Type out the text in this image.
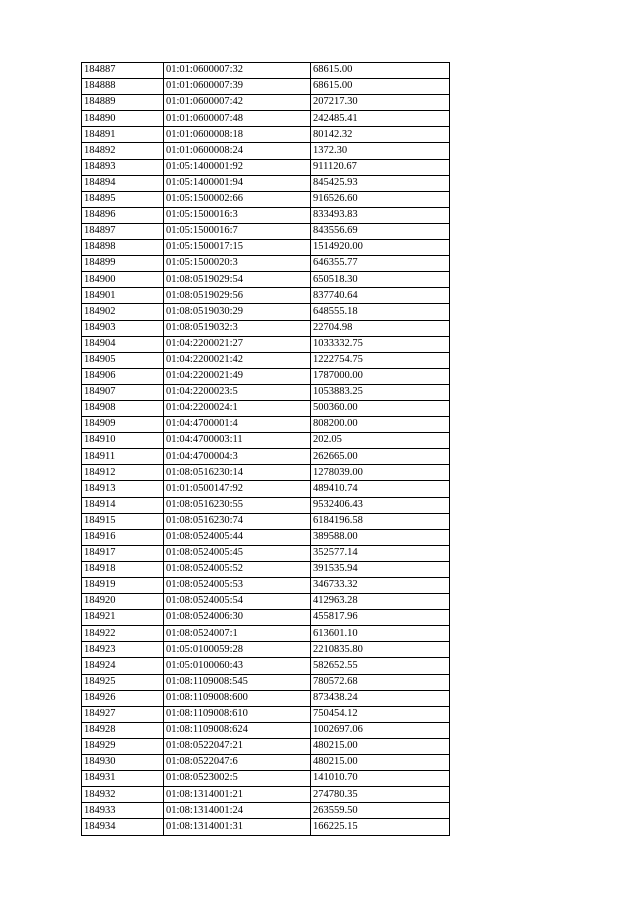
184887	01:01:0600007:32	68615.00
184888	01:01:0600007:39	68615.00
184889	01:01:0600007:42	207217.30
184890	01:01:0600007:48	242485.41
184891	01:01:0600008:18	80142.32
184892	01:01:0600008:24	1372.30
184893	01:05:1400001:92	911120.67
184894	01:05:1400001:94	845425.93
184895	01:05:1500002:66	916526.60
184896	01:05:1500016:3	833493.83
184897	01:05:1500016:7	843556.69
184898	01:05:1500017:15	1514920.00
184899	01:05:1500020:3	646355.77
184900	01:08:0519029:54	650518.30
184901	01:08:0519029:56	837740.64
184902	01:08:0519030:29	648555.18
184903	01:08:0519032:3	22704.98
184904	01:04:2200021:27	1033332.75
184905	01:04:2200021:42	1222754.75
184906	01:04:2200021:49	1787000.00
184907	01:04:2200023:5	1053883.25
184908	01:04:2200024:1	500360.00
184909	01:04:4700001:4	808200.00
184910	01:04:4700003:11	202.05
184911	01:04:4700004:3	262665.00
184912	01:08:0516230:14	1278039.00
184913	01:01:0500147:92	489410.74
184914	01:08:0516230:55	9532406.43
184915	01:08:0516230:74	6184196.58
184916	01:08:0524005:44	389588.00
184917	01:08:0524005:45	352577.14
184918	01:08:0524005:52	391535.94
184919	01:08:0524005:53	346733.32
184920	01:08:0524005:54	412963.28
184921	01:08:0524006:30	455817.96
184922	01:08:0524007:1	613601.10
184923	01:05:0100059:28	2210835.80
184924	01:05:0100060:43	582652.55
184925	01:08:1109008:545	780572.68
184926	01:08:1109008:600	873438.24
184927	01:08:1109008:610	750454.12
184928	01:08:1109008:624	1002697.06
184929	01:08:0522047:21	480215.00
184930	01:08:0522047:6	480215.00
184931	01:08:0523002:5	141010.70
184932	01:08:1314001:21	274780.35
184933	01:08:1314001:24	263559.50
184934	01:08:1314001:31	166225.15
